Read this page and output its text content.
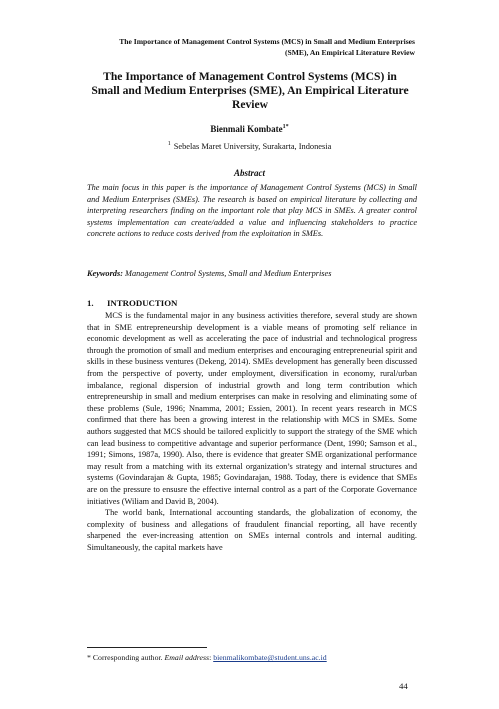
The Importance of Management Control Systems (MCS) in Small and Medium Enterprises
(SME), An Empirical Literature Review
The Importance of Management Control Systems (MCS) in Small and Medium Enterprises (SME), An Empirical Literature Review
Bienmali Kombate$^{1*}$
$^1$ Sebelas Maret University, Surakarta, Indonesia
Abstract

The main focus in this paper is the importance of Management Control Systems (MCS) in Small and Medium Enterprises (SMEs). The research is based on empirical literature by collecting and interpreting researchers finding on the important role that play MCS in SMEs. A greater control systems implementation can create/added a value and influencing stakeholders to practice concrete actions to reduce costs derived from the exploitation in SMEs.

Keywords: Management Control Systems, Small and Medium Enterprises

1. INTRODUCTION

MCS is the fundamental major in any business activities therefore, several study are shown that in SME entrepreneurship development is a viable means of promoting self reliance in economic development as well as accelerating the pace of industrial and technological progress through the promotion of small and medium enterprises and encouraging entrepreneurial spirit and skills in these business ventures (Dekeng, 2014). SMEs development has generally been discussed from the perspective of poverty, under employment, diversification in economy, rural/urban imbalance, regional dispersion of industrial growth and long term contribution which entrepreneurship in small and medium enterprises can make in resolving and eliminating some of these problems (Sule, 1996; Nnamma, 2001; Essien, 2001). In recent years research in MCS confirmed that there has been a growing interest in the relationship with MCS in SMEs. Some authors suggested that MCS should be tailored explicitly to support the strategy of the SME which can lead business to competitive advantage and superior performance (Dent, 1990; Samson et al., 1991; Simons, 1987a, 1990). Also, there is evidence that greater SME organizational performance may result from a matching with its external organization’s strategy and internal structures and systems (Govindarajan & Gupta, 1985; Govindarajan, 1988. Today, there is evidence that SMEs are on the pressure to ensusre the effective internal control as a part of the Corporate Governance initiatives (Wiliam and David B, 2004).

The world bank, International accounting standards, the globalization of economy, the complexity of business and allegations of fraudulent financial reporting, all have recently sharpened the ever-increasing attention on SMEs internal controls and internal auditing. Simultaneously, the capital markets have

* Corresponding author. Email address: bienmalikombate@student.uns.ac.id
44
